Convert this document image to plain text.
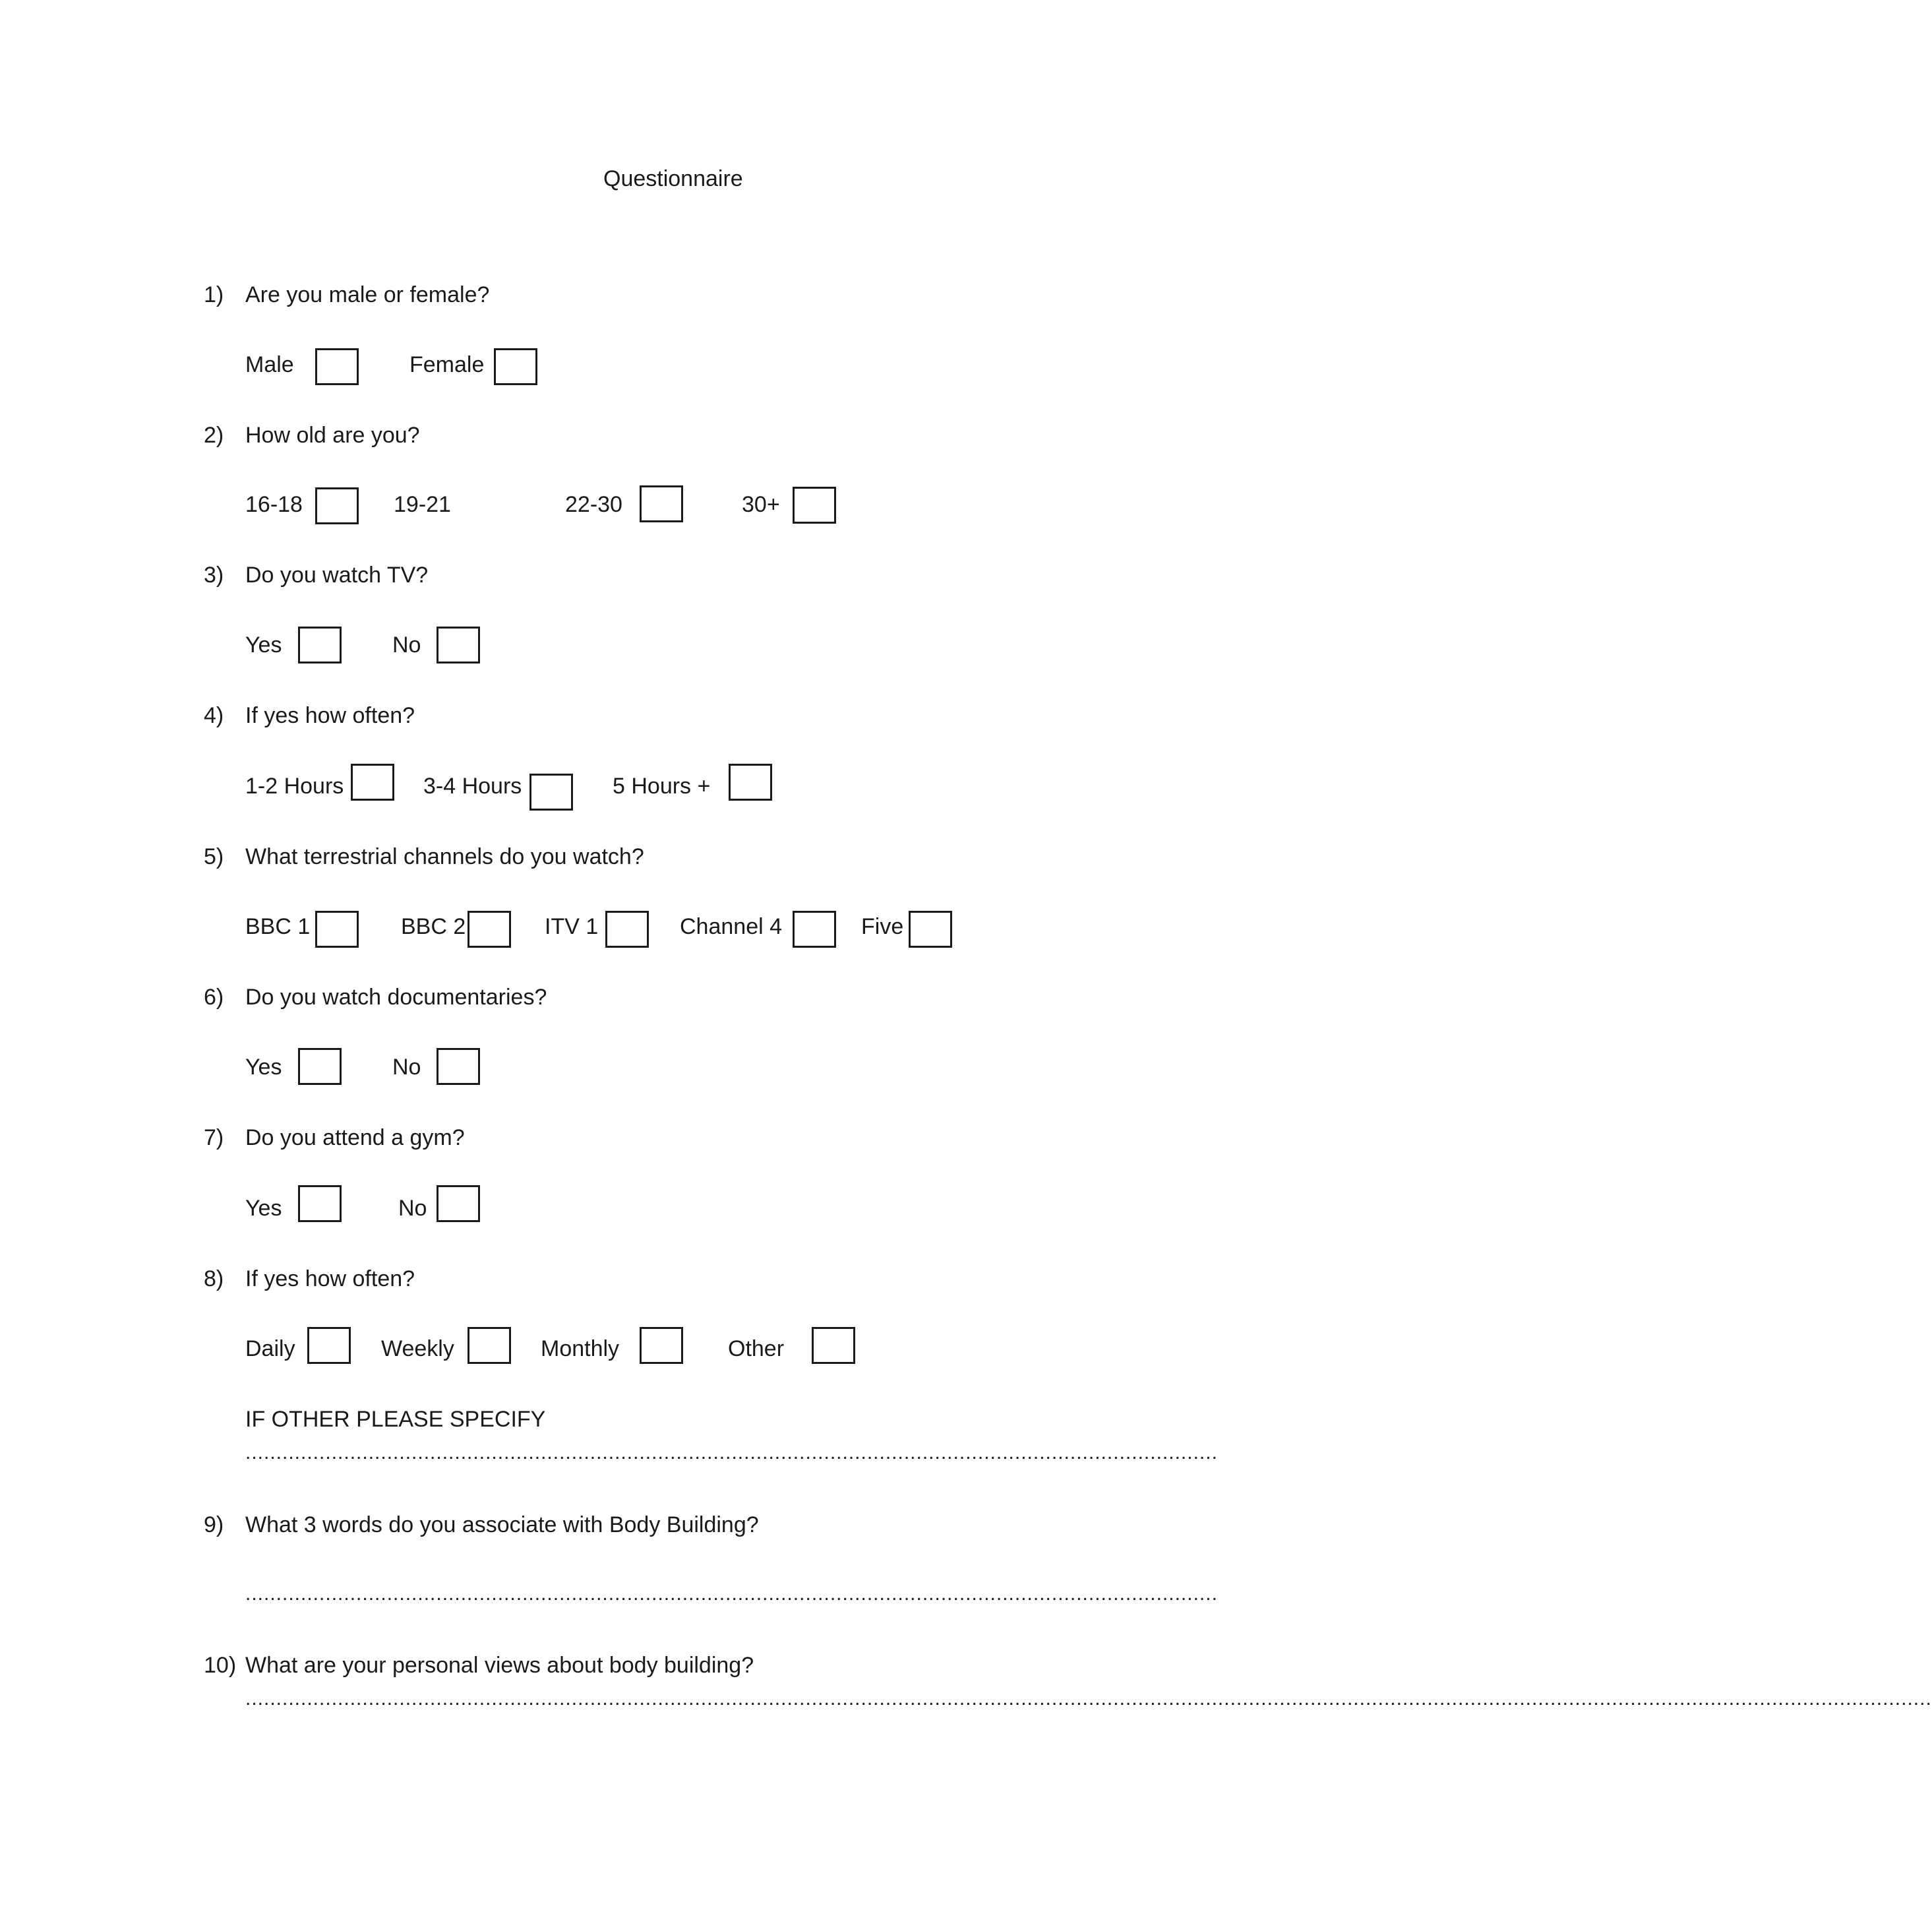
Questionnaire
1) Are you male or female?
Male	Female
2) How old are you?
16-18	19-21	22-30	30+
3) Do you watch TV?
Yes	No
4) If yes how often?
1-2 Hours	3-4 Hours	5 Hours +
5) What terrestrial channels do you watch?
BBC 1	BBC 2	ITV 1	Channel 4	Five
6) Do you watch documentaries?
Yes	No
7) Do you attend a gym?
Yes	No
8) If yes how often?
Daily	Weekly	Monthly	Other
IF OTHER PLEASE SPECIFY
..............................................................................................................................................................
9) What 3 words do you associate with Body Building?
..............................................................................................................................................................
10) What are your personal views about body building?
..................................................................................................................................................................................................................................................................................
